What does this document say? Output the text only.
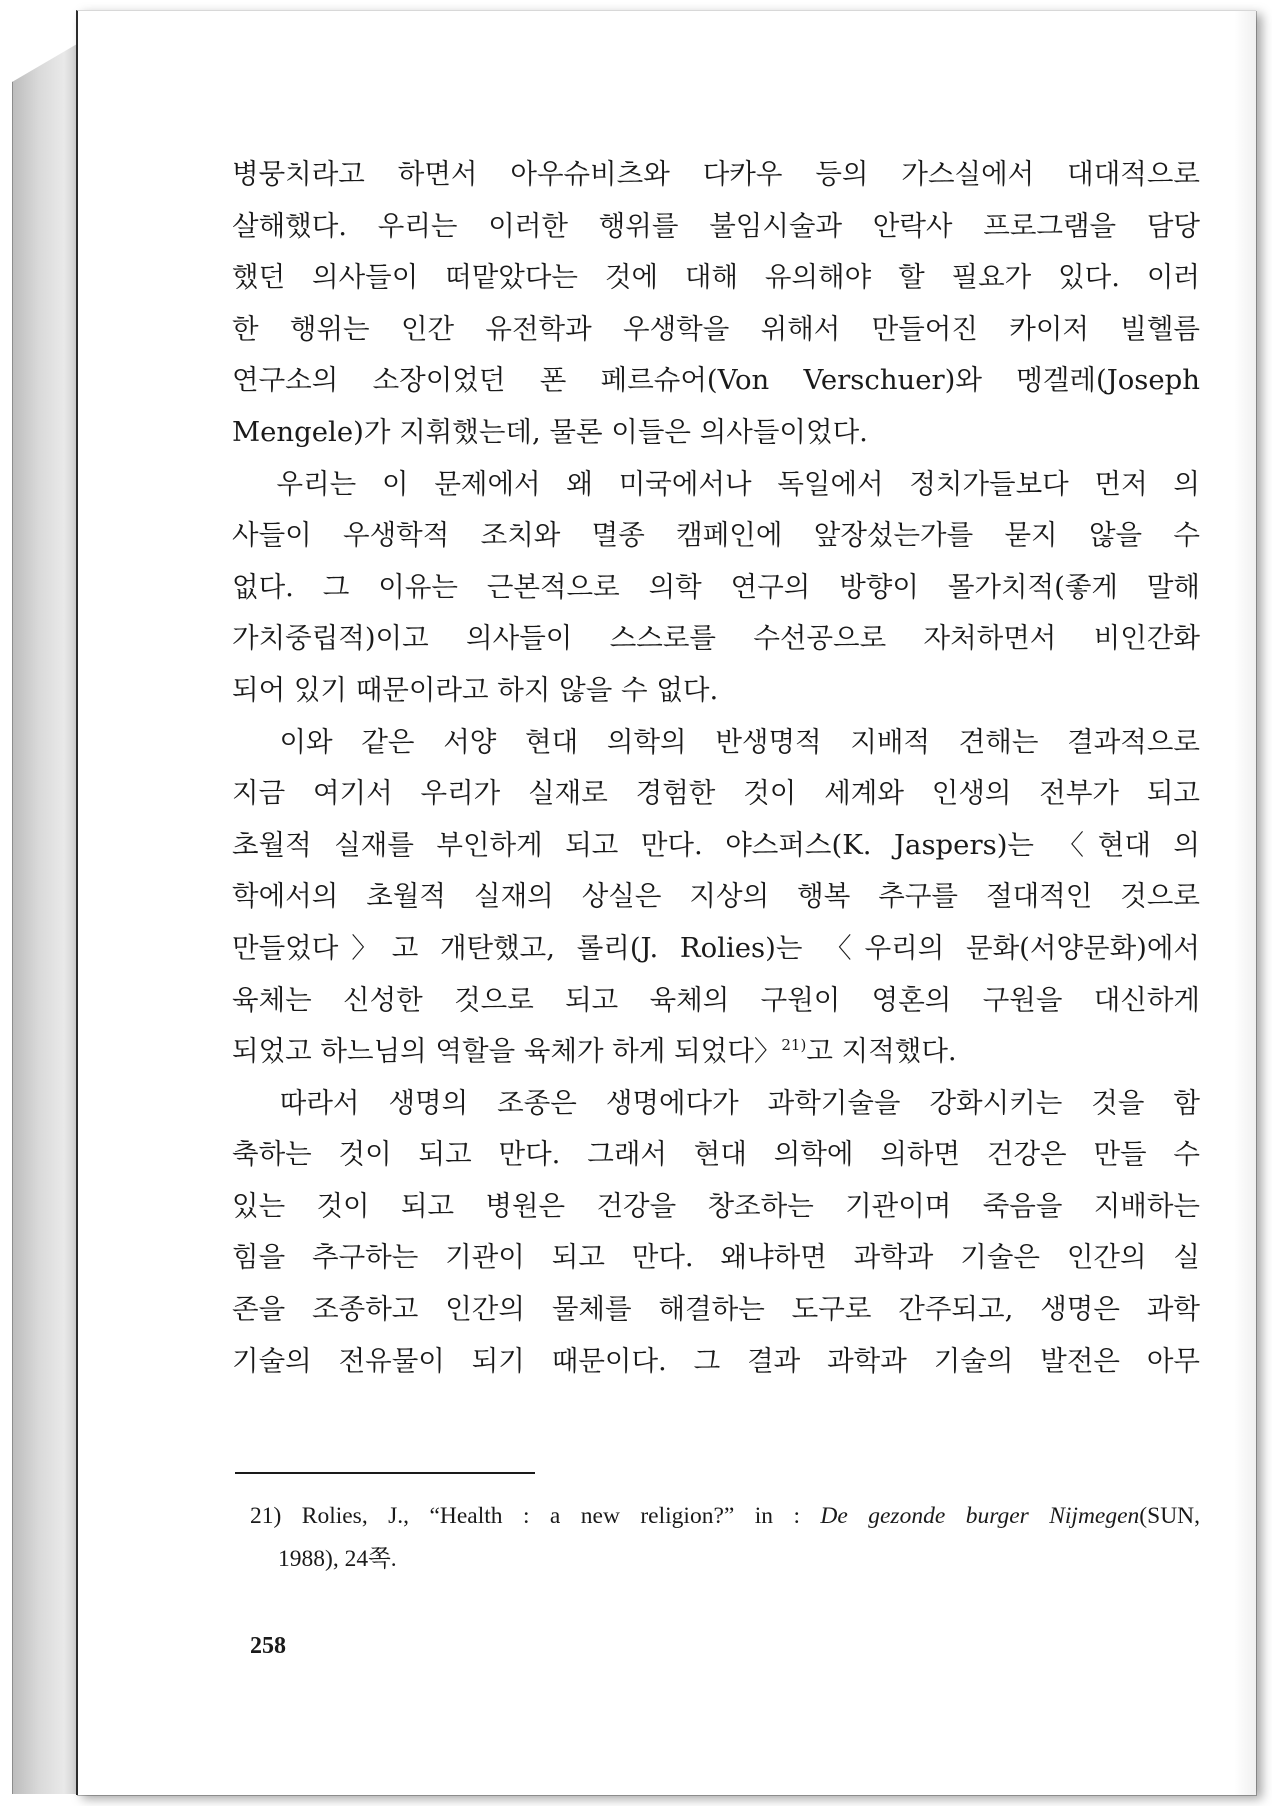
병뭉치라고 하면서 아우슈비츠와 다카우 등의 가스실에서 대대적으로
살해했다. 우리는 이러한 행위를 불임시술과 안락사 프로그램을 담당
했던 의사들이 떠맡았다는 것에 대해 유의해야 할 필요가 있다. 이러
한 행위는 인간 유전학과 우생학을 위해서 만들어진 카이저 빌헬름
연구소의 소장이었던 폰 페르슈어(Von Verschuer)와 멩겔레(Joseph
Mengele)가 지휘했는데, 물론 이들은 의사들이었다.
　우리는 이 문제에서 왜 미국에서나 독일에서 정치가들보다 먼저 의
사들이 우생학적 조치와 멸종 캠페인에 앞장섰는가를 묻지 않을 수
없다. 그 이유는 근본적으로 의학 연구의 방향이 몰가치적(좋게 말해
가치중립적)이고 의사들이 스스로를 수선공으로 자처하면서 비인간화
되어 있기 때문이라고 하지 않을 수 없다.
　이와 같은 서양 현대 의학의 반생명적 지배적 견해는 결과적으로
지금 여기서 우리가 실재로 경험한 것이 세계와 인생의 전부가 되고
초월적 실재를 부인하게 되고 만다. 야스퍼스(K. Jaspers)는 〈현대 의
학에서의 초월적 실재의 상실은 지상의 행복 추구를 절대적인 것으로
만들었다〉고 개탄했고, 롤리(J. Rolies)는 〈우리의 문화(서양문화)에서
육체는 신성한 것으로 되고 육체의 구원이 영혼의 구원을 대신하게
되었고 하느님의 역할을 육체가 하게 되었다〉$^{21)}$고 지적했다.
　따라서 생명의 조종은 생명에다가 과학기술을 강화시키는 것을 함
축하는 것이 되고 만다. 그래서 현대 의학에 의하면 건강은 만들 수
있는 것이 되고 병원은 건강을 창조하는 기관이며 죽음을 지배하는
힘을 추구하는 기관이 되고 만다. 왜냐하면 과학과 기술은 인간의 실
존을 조종하고 인간의 물체를 해결하는 도구로 간주되고, 생명은 과학
기술의 전유물이 되기 때문이다. 그 결과 과학과 기술의 발전은 아무
21) Rolies, J., “Health : a new religion?” in : De gezonde burger Nijmegen(SUN,
1988), 24쪽.
258
